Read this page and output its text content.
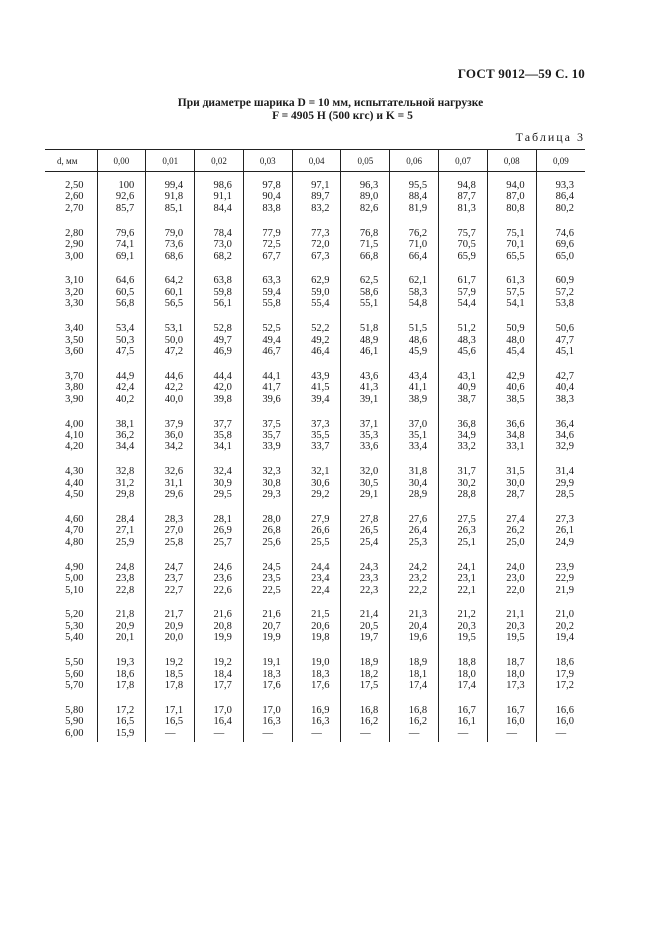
ГОСТ 9012—59 С. 10
При диаметре шарика D = 10 мм, испытательной нагрузке
F = 4905 Н (500 кгс) и K = 5
Таблица 3
d, мм	0,00	0,01	0,02	0,03	0,04	0,05	0,06	0,07	0,08	0,09
2,50	100	99,4	98,6	97,8	97,1	96,3	95,5	94,8	94,0	93,3
2,60	92,6	91,8	91,1	90,4	89,7	89,0	88,4	87,7	87,0	86,4
2,70	85,7	85,1	84,4	83,8	83,2	82,6	81,9	81,3	80,8	80,2
2,80	79,6	79,0	78,4	77,9	77,3	76,8	76,2	75,7	75,1	74,6
2,90	74,1	73,6	73,0	72,5	72,0	71,5	71,0	70,5	70,1	69,6
3,00	69,1	68,6	68,2	67,7	67,3	66,8	66,4	65,9	65,5	65,0
3,10	64,6	64,2	63,8	63,3	62,9	62,5	62,1	61,7	61,3	60,9
3,20	60,5	60,1	59,8	59,4	59,0	58,6	58,3	57,9	57,5	57,2
3,30	56,8	56,5	56,1	55,8	55,4	55,1	54,8	54,4	54,1	53,8
3,40	53,4	53,1	52,8	52,5	52,2	51,8	51,5	51,2	50,9	50,6
3,50	50,3	50,0	49,7	49,4	49,2	48,9	48,6	48,3	48,0	47,7
3,60	47,5	47,2	46,9	46,7	46,4	46,1	45,9	45,6	45,4	45,1
3,70	44,9	44,6	44,4	44,1	43,9	43,6	43,4	43,1	42,9	42,7
3,80	42,4	42,2	42,0	41,7	41,5	41,3	41,1	40,9	40,6	40,4
3,90	40,2	40,0	39,8	39,6	39,4	39,1	38,9	38,7	38,5	38,3
4,00	38,1	37,9	37,7	37,5	37,3	37,1	37,0	36,8	36,6	36,4
4,10	36,2	36,0	35,8	35,7	35,5	35,3	35,1	34,9	34,8	34,6
4,20	34,4	34,2	34,1	33,9	33,7	33,6	33,4	33,2	33,1	32,9
4,30	32,8	32,6	32,4	32,3	32,1	32,0	31,8	31,7	31,5	31,4
4,40	31,2	31,1	30,9	30,8	30,6	30,5	30,4	30,2	30,0	29,9
4,50	29,8	29,6	29,5	29,3	29,2	29,1	28,9	28,8	28,7	28,5
4,60	28,4	28,3	28,1	28,0	27,9	27,8	27,6	27,5	27,4	27,3
4,70	27,1	27,0	26,9	26,8	26,6	26,5	26,4	26,3	26,2	26,1
4,80	25,9	25,8	25,7	25,6	25,5	25,4	25,3	25,1	25,0	24,9
4,90	24,8	24,7	24,6	24,5	24,4	24,3	24,2	24,1	24,0	23,9
5,00	23,8	23,7	23,6	23,5	23,4	23,3	23,2	23,1	23,0	22,9
5,10	22,8	22,7	22,6	22,5	22,4	22,3	22,2	22,1	22,0	21,9
5,20	21,8	21,7	21,6	21,6	21,5	21,4	21,3	21,2	21,1	21,0
5,30	20,9	20,9	20,8	20,7	20,6	20,5	20,4	20,3	20,3	20,2
5,40	20,1	20,0	19,9	19,9	19,8	19,7	19,6	19,5	19,5	19,4
5,50	19,3	19,2	19,2	19,1	19,0	18,9	18,9	18,8	18,7	18,6
5,60	18,6	18,5	18,4	18,3	18,3	18,2	18,1	18,0	18,0	17,9
5,70	17,8	17,8	17,7	17,6	17,6	17,5	17,4	17,4	17,3	17,2
5,80	17,2	17,1	17,0	17,0	16,9	16,8	16,8	16,7	16,7	16,6
5,90	16,5	16,5	16,4	16,3	16,3	16,2	16,2	16,1	16,0	16,0
6,00	15,9	—	—	—	—	—	—	—	—	—
